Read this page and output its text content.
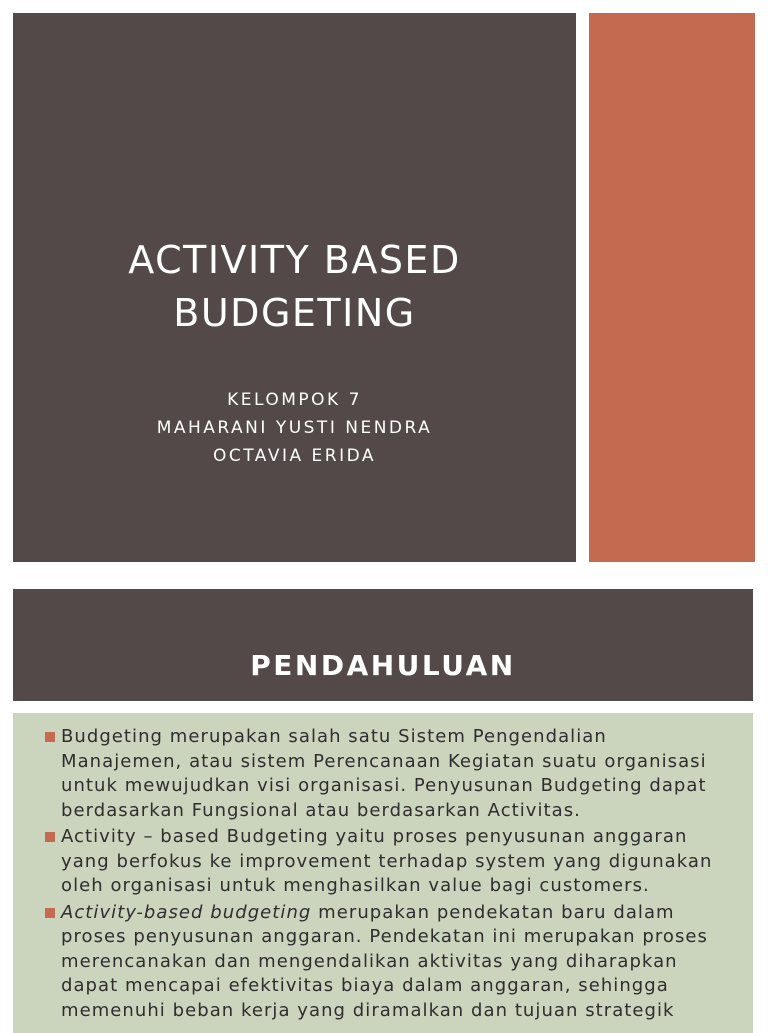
ACTIVITY BASED
BUDGETING
KELOMPOK 7
MAHARANI YUSTI NENDRA
OCTAVIA ERIDA
PENDAHULUAN
Budgeting merupakan salah satu Sistem Pengendalian Manajemen, atau sistem Perencanaan Kegiatan suatu organisasi untuk mewujudkan visi organisasi. Penyusunan Budgeting dapat berdasarkan Fungsional atau berdasarkan Activitas.
Activity – based Budgeting yaitu proses penyusunan anggaran yang berfokus ke improvement terhadap system yang digunakan oleh organisasi untuk menghasilkan value bagi customers.
Activity-based budgeting merupakan pendekatan baru dalam proses penyusunan anggaran. Pendekatan ini merupakan proses merencanakan dan mengendalikan aktivitas yang diharapkan dapat mencapai efektivitas biaya dalam anggaran, sehingga memenuhi beban kerja yang diramalkan dan tujuan strategik
